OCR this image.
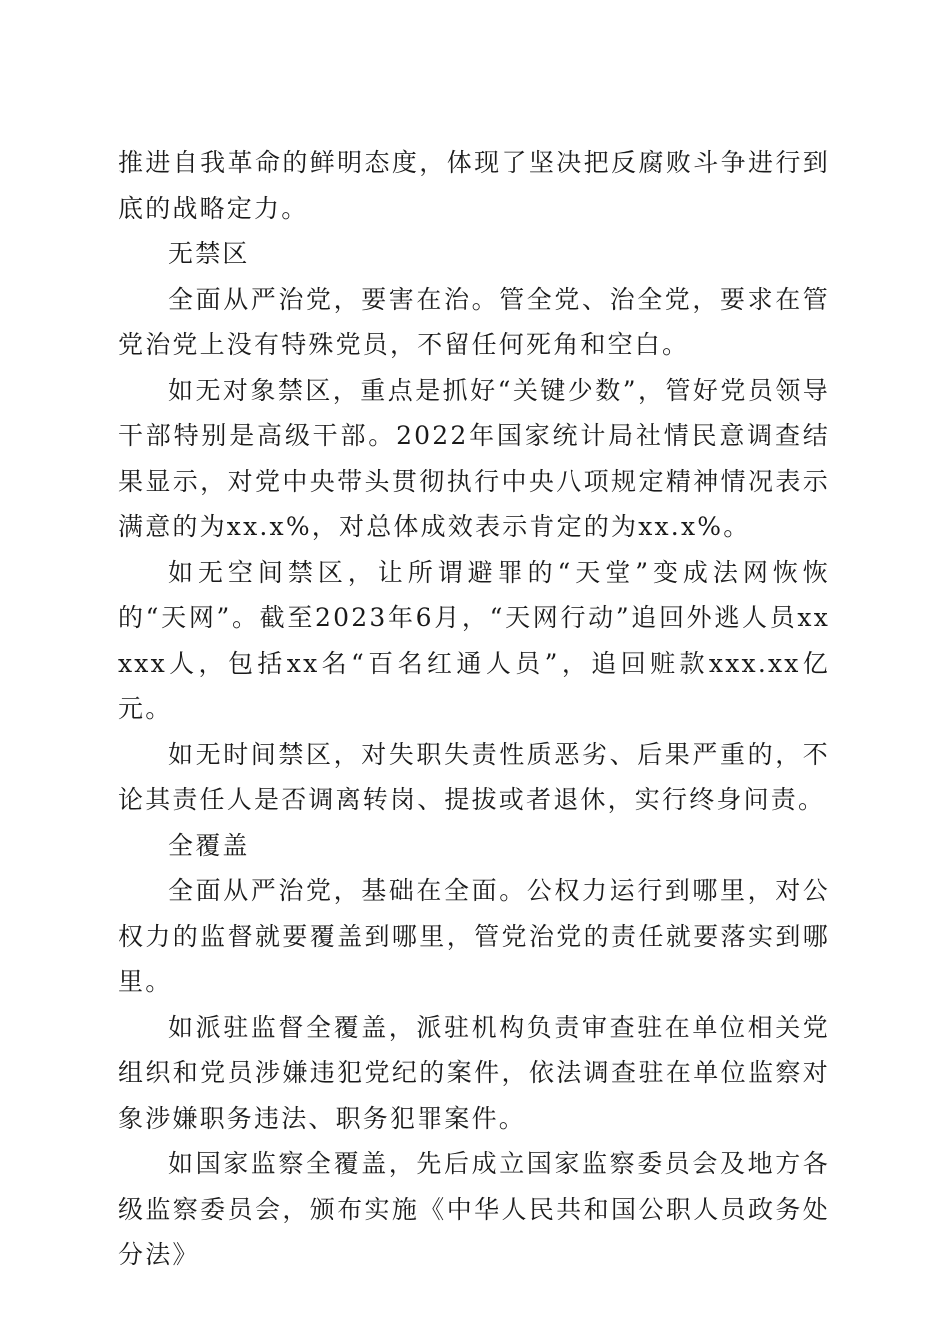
推进自我革命的鲜明态度，体现了坚决把反腐败斗争进行到底的战略定力。

无禁区

全面从严治党，要害在治。管全党、治全党，要求在管党治党上没有特殊党员，不留任何死角和空白。

如无对象禁区，重点是抓好“关键少数”，管好党员领导干部特别是高级干部。2022年国家统计局社情民意调查结果显示，对党中央带头贯彻执行中央八项规定精神情况表示满意的为xx.x%，对总体成效表示肯定的为xx.x%。

如无空间禁区，让所谓避罪的“天堂”变成法网恢恢的“天网”。截至2023年6月，“天网行动”追回外逃人员xxxxx人，包括xx名“百名红通人员”，追回赃款xxx.xx亿元。

如无时间禁区，对失职失责性质恶劣、后果严重的，不论其责任人是否调离转岗、提拔或者退休，实行终身问责。

全覆盖

全面从严治党，基础在全面。公权力运行到哪里，对公权力的监督就要覆盖到哪里，管党治党的责任就要落实到哪里。

如派驻监督全覆盖，派驻机构负责审查驻在单位相关党组织和党员涉嫌违犯党纪的案件，依法调查驻在单位监察对象涉嫌职务违法、职务犯罪案件。

如国家监察全覆盖，先后成立国家监察委员会及地方各级监察委员会，颁布实施《中华人民共和国公职人员政务处分法》
